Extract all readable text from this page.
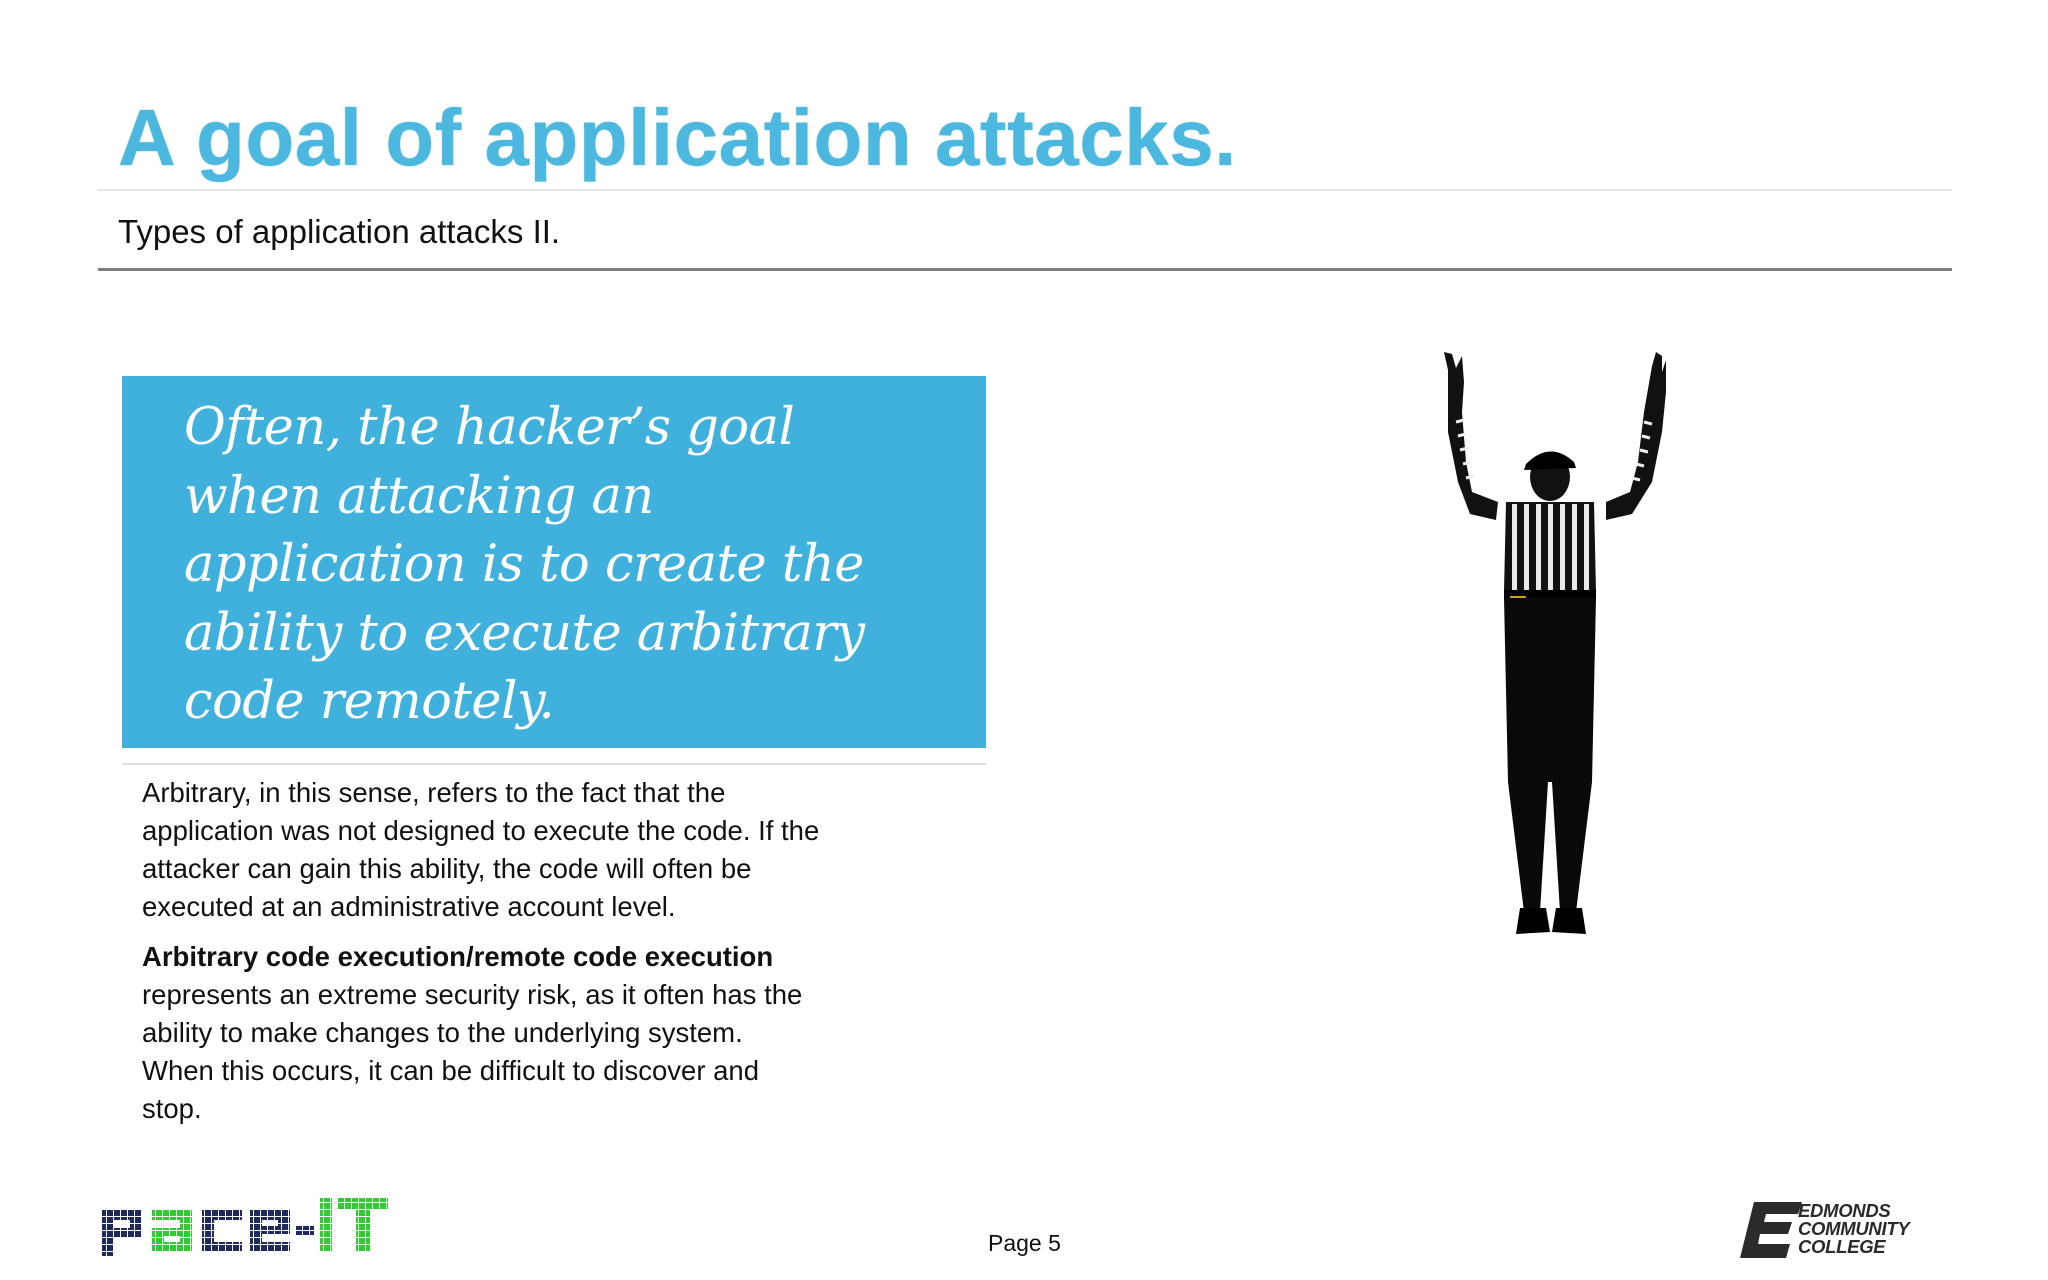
A goal of application attacks.

Types of application attacks II.

Often, the hacker’s goal when attacking an application is to create the ability to execute arbitrary code remotely.

Arbitrary, in this sense, refers to the fact that the application was not designed to execute the code. If the attacker can gain this ability, the code will often be executed at an administrative account level.

Arbitrary code execution/remote code execution represents an extreme security risk, as it often has the ability to make changes to the underlying system. When this occurs, it can be difficult to discover and stop.

Page 5
EDMONDS
COMMUNITY
COLLEGE
